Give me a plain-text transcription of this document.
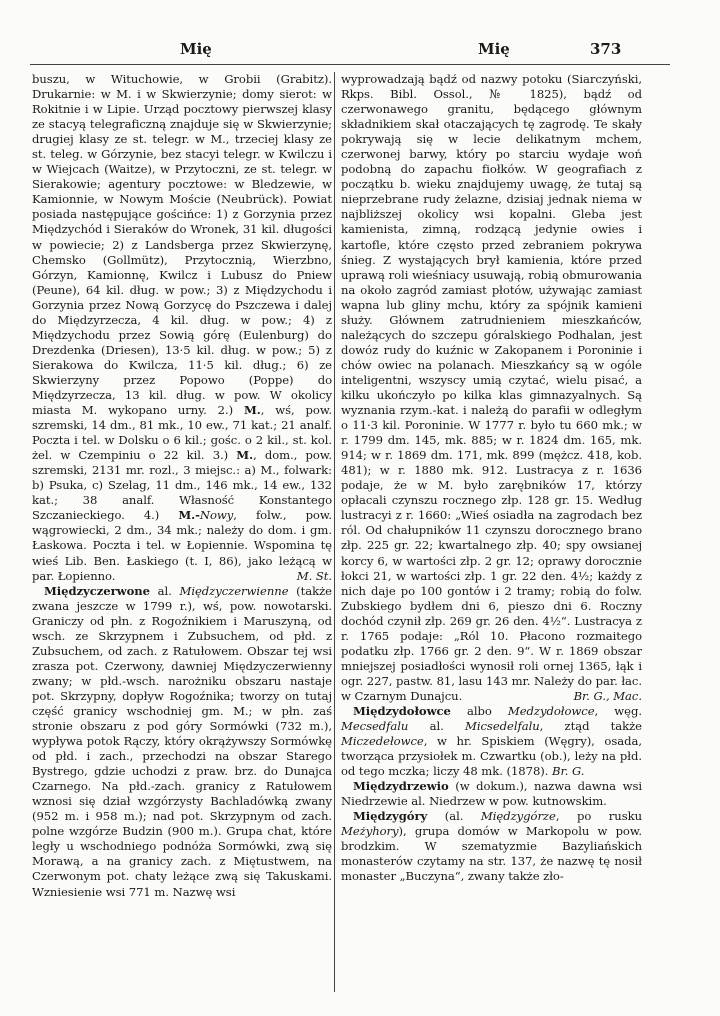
Mię	Mię	373
buszu, w Wituchowie, w Grobii (Grabitz). Drukarnie: w M. i w Skwierzynie; domy sierot: w Rokitnie i w Lipie. Urząd pocztowy pierwszej klasy ze stacyą telegraficzną znajduje się w Skwierzynie; drugiej klasy ze st. telegr. w M., trzeciej klasy ze st. teleg. w Górzynie, bez stacyi telegr. w Kwilczu i w Wiejcach (Waitze), w Przytoczni, ze st. telegr. w Sierakowie; agentury pocztowe: w Bledzewie, w Kamionnie, w Nowym Moście (Neubrück). Powiat posiada następujące gościńce: 1) z Gorzynia przez Międzychód i Sieraków do Wronek, 31 kil. długości w powiecie; 2) z Landsberga przez Skwierzynę, Chemsko (Gollmütz), Przytocznią, Wierzbno, Górzyn, Kamionnę, Kwilcz i Lubusz do Pniew (Peune), 64 kil. dług. w pow.; 3) z Międzychodu i Gorzynia przez Nową Gorzycę do Pszczewa i dalej do Międzyrzecza, 4 kil. dług. w pow.; 4) z Międzychodu przez Sowią górę (Eulenburg) do Drezdenka (Driesen), 13·5 kil. dług. w pow.; 5) z Sierakowa do Kwilcza, 11·5 kil. dług.; 6) ze Skwierzyny przez Popowo (Poppe) do Międzyrzecza, 13 kil. dług. w pow. W okolicy miasta M. wykopano urny. 2.) M., wś, pow. szremski, 14 dm., 81 mk., 10 ew., 71 kat.; 21 analf. Poczta i tel. w Dolsku o 6 kil.; gośc. o 2 kil., st. kol. żel. w Czempiniu o 22 kil. 3.) M., dom., pow. szremski, 2131 mr. rozl., 3 miejsc.: a) M., folwark: b) Psuka, c) Szelag, 11 dm., 146 mk., 14 ew., 132 kat.; 38 analf. Własność Konstantego Szczanieckiego. 4.) M.-Nowy, folw., pow. wągrowiecki, 2 dm., 34 mk.; należy do dom. i gm. Łaskowa. Poczta i tel. w Łopiennie. Wspomina tę wieś Lib. Ben. Łaskiego (t. I, 86), jako leżącą w par. Łopienno.	M. St.
Międzyczerwone al. Międzyczerwienne (także zwana jeszcze w 1799 r.), wś, pow. nowotarski. Graniczy od płn. z Rogoźnikiem i Maruszyną, od wsch. ze Skrzypnem i Zubsuchem, od płd. z Zubsuchem, od zach. z Ratułowem. Obszar tej wsi zrasza pot. Czerwony, dawniej Międzyczerwienny zwany; w płd.-wsch. narożniku obszaru nastaje pot. Skrzypny, dopływ Rogoźnika; tworzy on tutaj część granicy wschodniej gm. M.; w płn. zaś stronie obszaru z pod góry Sormówki (732 m.), wypływa potok Rączy, który okrążywszy Sormówkę od płd. i zach., przechodzi na obszar Starego Bystrego, gdzie uchodzi z praw. brz. do Dunajca Czarnego. Na płd.-zach. granicy z Ratułowem wznosi się dział wzgórzysty Bachladówką zwany (952 m. i 958 m.); nad pot. Skrzypnym od zach. polne wzgórze Budzin (900 m.). Grupa chat, które legły u wschodniego podnóża Sormówki, zwą się Morawą, a na granicy zach. z Miętustwem, na Czerwonym pot. chaty leżące zwą się Takuskami. Wzniesienie wsi 771 m. Nazwę wsi
wyprowadzają bądź od nazwy potoku (Siarczyński, Rkps. Bibl. Ossol., № 1825), bądź od czerwonawego granitu, będącego głównym składnikiem skał otaczających tę zagrodę. Te skały pokrywają się w lecie delikatnym mchem, czerwonej barwy, który po starciu wydaje woń podobną do zapachu fiołków. W geografiach z początku b. wieku znajdujemy uwagę, że tutaj są nieprzebrane rudy żelazne, dzisiaj jednak niema w najbliższej okolicy wsi kopalni. Gleba jest kamienista, zimną, rodzącą jedynie owies i kartofle, które często przed zebraniem pokrywa śnieg. Z wystających brył kamienia, które przed uprawą roli wieśniacy usuwają, robią obmurowania na około zagród zamiast płotów, używając zamiast wapna lub gliny mchu, który za spójnik kamieni służy. Głównem zatrudnieniem mieszkańców, należących do szczepu góralskiego Podhalan, jest dowóz rudy do kuźnic w Zakopanem i Poroninie i chów owiec na polanach. Mieszkańcy są w ogóle inteligentni, wszyscy umią czytać, wielu pisać, a kilku ukończyło po kilka klas gimnazyalnych. Są wyznania rzym.-kat. i należą do parafii w odległym o 11·3 kil. Poroninie. W 1777 r. było tu 660 mk.; w r. 1799 dm. 145, mk. 885; w r. 1824 dm. 165, mk. 914; w r. 1869 dm. 171, mk. 899 (mężcz. 418, kob. 481); w r. 1880 mk. 912. Lustracya z r. 1636 podaje, że w M. było zarębników 17, którzy opłacali czynszu rocznego złp. 128 gr. 15. Według lustracyi z r. 1660: „Wieś osiadła na zagrodach bez ról. Od chałupników 11 czynszu dorocznego brano złp. 225 gr. 22; kwartalnego złp. 40; spy owsianej korcy 6, w wartości złp. 2 gr. 12; oprawy dorocznie łokci 21, w wartości złp. 1 gr. 22 den. 4½; każdy z nich daje po 100 gontów i 2 tramy; robią do folw. Zubskiego bydłem dni 6, pieszo dni 6. Roczny dochód czynił złp. 269 gr. 26 den. 4½“. Lustracya z r. 1765 podaje: „Ról 10. Płacono rozmaitego podatku złp. 1766 gr. 2 den. 9“. W r. 1869 obszar mniejszej posiadłości wynosił roli ornej 1365, łąk i ogr. 227, pastw. 81, lasu 143 mr. Należy do par. łac. w Czarnym Dunajcu.	Br. G., Mac.
Międzydołowce albo Medzydołowce, węg. Mecsedfalu al. Micsedelfalu, ztąd także Miczedełowce, w hr. Spiskiem (Węgry), osada, tworząca przysiołek m. Czwartku (ob.), leży na płd. od tego mczka; liczy 48 mk. (1878). Br. G.
Międzydrzewio (w dokum.), nazwa dawna wsi Niedrzewie al. Niedrzew w pow. kutnowskim.
Międzygóry (al. Międzygórze, po rusku Meżyhory), grupa domów w Markopolu w pow. brodzkim. W szematyzmie Bazyliańskich monasterów czytamy na str. 137, że nazwę tę nosił monaster „Buczyna“, zwany także zło-
